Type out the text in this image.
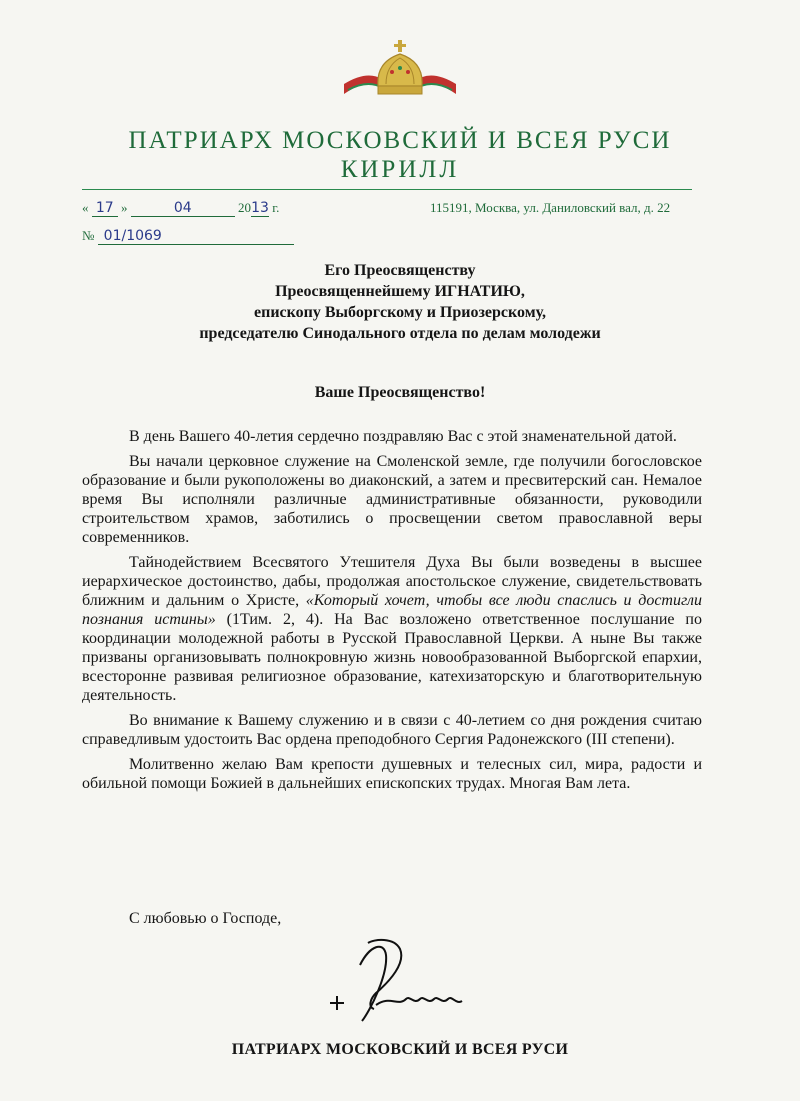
ПАТРИАРХ МОСКОВСКИЙ И ВСЕЯ РУСИ
КИРИЛЛ
« 17 »	04	2013 г.	115191, Москва, ул. Даниловский вал, д. 22
№ 01/1069
Его Преосвященству
Преосвященнейшему ИГНАТИЮ,
епископу Выборгскому и Приозерскому,
председателю Синодального отдела по делам молодежи
Ваше Преосвященство!

В день Вашего 40-летия сердечно поздравляю Вас с этой знаменательной датой.

Вы начали церковное служение на Смоленской земле, где получили богословское образование и были рукоположены во диаконский, а затем и пресвитерский сан. Немалое время Вы исполняли различные административные обязанности, руководили строительством храмов, заботились о просвещении светом православной веры современников.

Тайнодействием Всесвятого Утешителя Духа Вы были возведены в высшее иерархическое достоинство, дабы, продолжая апостольское служение, свидетельствовать ближним и дальним о Христе, «Который хочет, чтобы все люди спаслись и достигли познания истины» (1Тим. 2, 4). На Вас возложено ответственное послушание по координации молодежной работы в Русской Православной Церкви. А ныне Вы также призваны организовывать полнокровную жизнь новообразованной Выборгской епархии, всесторонне развивая религиозное образование, катехизаторскую и благотворительную деятельность.

Во внимание к Вашему служению и в связи с 40-летием со дня рождения считаю справедливым удостоить Вас ордена преподобного Сергия Радонежского (III степени).

Молитвенно желаю Вам крепости душевных и телесных сил, мира, радости и обильной помощи Божией в дальнейших епископских трудах. Многая Вам лета.

С любовью о Господе,
ПАТРИАРХ МОСКОВСКИЙ И ВСЕЯ РУСИ
